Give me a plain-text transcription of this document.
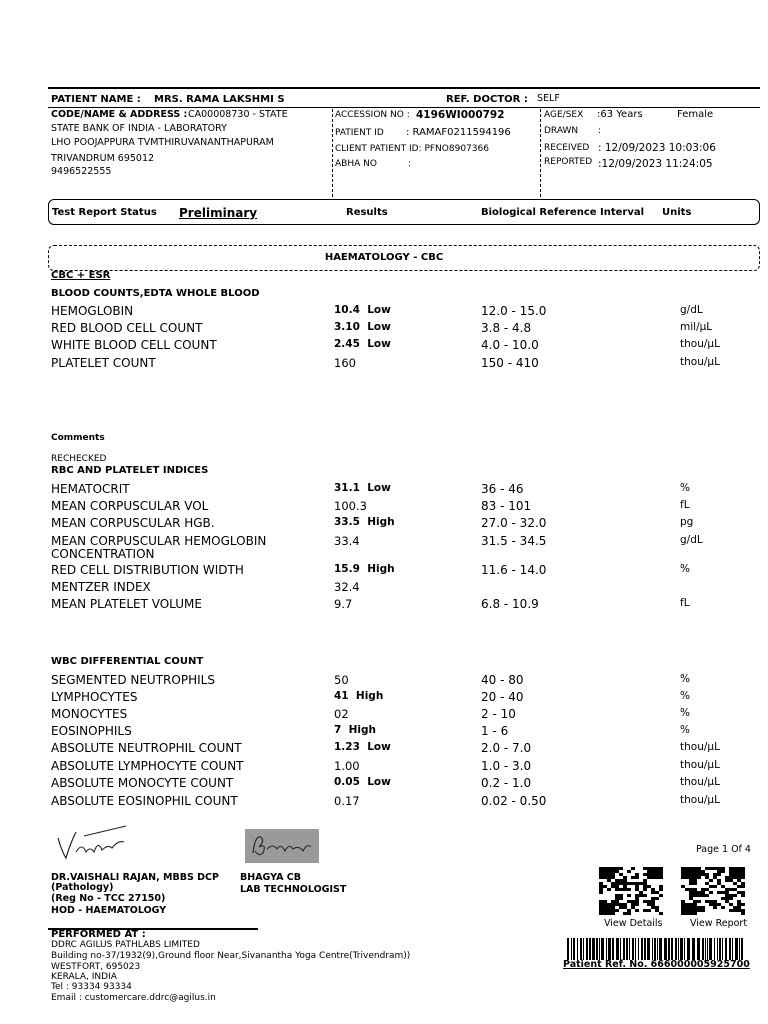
PATIENT NAME : MRS. RAMA LAKSHMI S	REF. DOCTOR : SELF
CODE/NAME & ADDRESS : CA00008730 - STATE
STATE BANK OF INDIA - LABORATORY
LHO POOJAPPURA TVMTHIRUVANANTHAPURAM
TRIVANDRUM 695012
9496522555
ACCESSION NO : 4196WI000792
PATIENT ID : RAMAF0211594196
CLIENT PATIENT ID: PFNO8907366
ABHA NO	:
AGE/SEX :63 Years	Female
DRAWN :
RECEIVED : 12/09/2023 10:03:06
REPORTED :12/09/2023 11:24:05
Test Report Status Preliminary	Results	Biological Reference Interval Units
HAEMATOLOGY - CBC
CBC + ESR
BLOOD COUNTS,EDTA WHOLE BLOOD
HEMOGLOBIN	10.4  Low	12.0 - 15.0	g/dL
RED BLOOD CELL COUNT	3.10  Low	3.8 - 4.8	mil/µL
WHITE BLOOD CELL COUNT	2.45  Low	4.0 - 10.0	thou/µL
PLATELET COUNT	160	150 - 410	thou/µL
Comments
RECHECKED
RBC AND PLATELET INDICES
HEMATOCRIT	31.1  Low	36 - 46	%
MEAN CORPUSCULAR VOL	100.3	83 - 101	fL
MEAN CORPUSCULAR HGB.	33.5  High	27.0 - 32.0	pg
MEAN CORPUSCULAR HEMOGLOBIN
CONCENTRATION
33.4	31.5 - 34.5	g/dL
RED CELL DISTRIBUTION WIDTH	15.9  High	11.6 - 14.0	%
MENTZER INDEX	32.4
MEAN PLATELET VOLUME	9.7	6.8 - 10.9	fL
WBC DIFFERENTIAL COUNT
SEGMENTED NEUTROPHILS	50	40 - 80	%
LYMPHOCYTES	41  High	20 - 40	%
MONOCYTES	02	2 - 10	%
EOSINOPHILS	7  High	1 - 6	%
ABSOLUTE NEUTROPHIL COUNT	1.23  Low	2.0 - 7.0	thou/µL
ABSOLUTE LYMPHOCYTE COUNT	1.00	1.0 - 3.0	thou/µL
ABSOLUTE MONOCYTE COUNT	0.05  Low	0.2 - 1.0	thou/µL
ABSOLUTE EOSINOPHIL COUNT	0.17	0.02 - 0.50	thou/µL
DR.VAISHALI RAJAN, MBBS DCP
(Pathology)
(Reg No - TCC 27150)
HOD - HAEMATOLOGY
BHAGYA CB
LAB TECHNOLOGIST
Page 1 Of 4
View Details	View Report
PERFORMED AT :
DDRC AGILUS PATHLABS LIMITED
Building no-37/1932(9),Ground floor Near,Sivanantha Yoga Centre(Trivendram))
WESTFORT, 695023
KERALA, INDIA
Tel : 93334 93334
Email : customercare.ddrc@agilus.in
Patient Ref. No. 666000005925700
